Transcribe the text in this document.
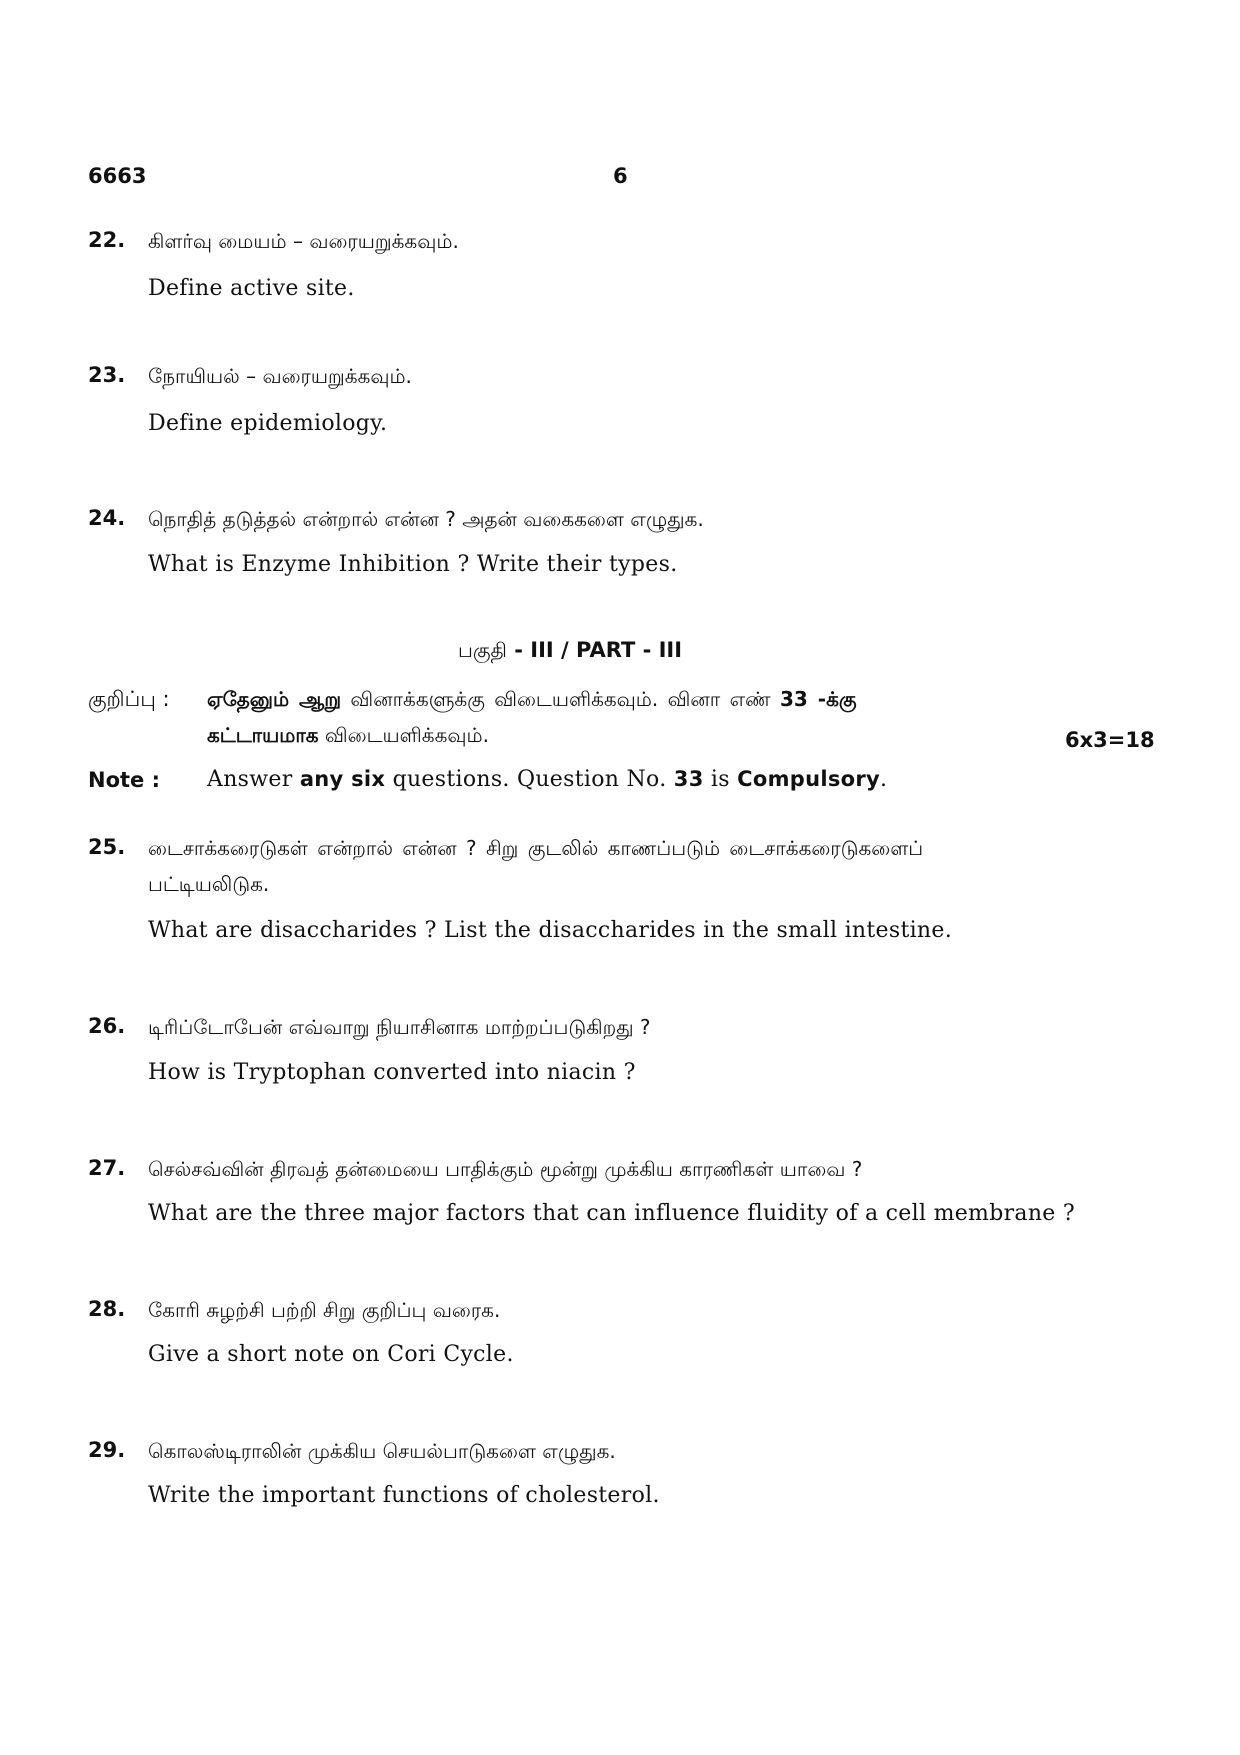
6663	6
22. கிளர்வு மையம் – வரையறுக்கவும்.
Define active site.
23. நோயியல் – வரையறுக்கவும்.
Define epidemiology.
24. நொதித் தடுத்தல் என்றால் என்ன ? அதன் வகைகளை எழுதுக.
What is Enzyme Inhibition ? Write their types.
பகுதி - III / PART - III
குறிப்பு : ஏதேனும் ஆறு வினாக்களுக்கு விடையளிக்கவும். வினா எண் 33 -க்கு
கட்டாயமாக விடையளிக்கவும்.	6x3=18
Note : Answer any six questions. Question No. 33 is Compulsory.
25. டைசாக்கரைடுகள் என்றால் என்ன ? சிறு குடலில் காணப்படும் டைசாக்கரைடுகளைப்
பட்டியலிடுக.
What are disaccharides ? List the disaccharides in the small intestine.
26. டிரிப்டோபேன் எவ்வாறு நியாசினாக மாற்றப்படுகிறது ?
How is Tryptophan converted into niacin ?
27. செல்சவ்வின் திரவத் தன்மையை பாதிக்கும் மூன்று முக்கிய காரணிகள் யாவை ?
What are the three major factors that can influence fluidity of a cell membrane ?
28. கோரி சுழற்சி பற்றி சிறு குறிப்பு வரைக.
Give a short note on Cori Cycle.
29. கொலஸ்டிராலின் முக்கிய செயல்பாடுகளை எழுதுக.
Write the important functions of cholesterol.
